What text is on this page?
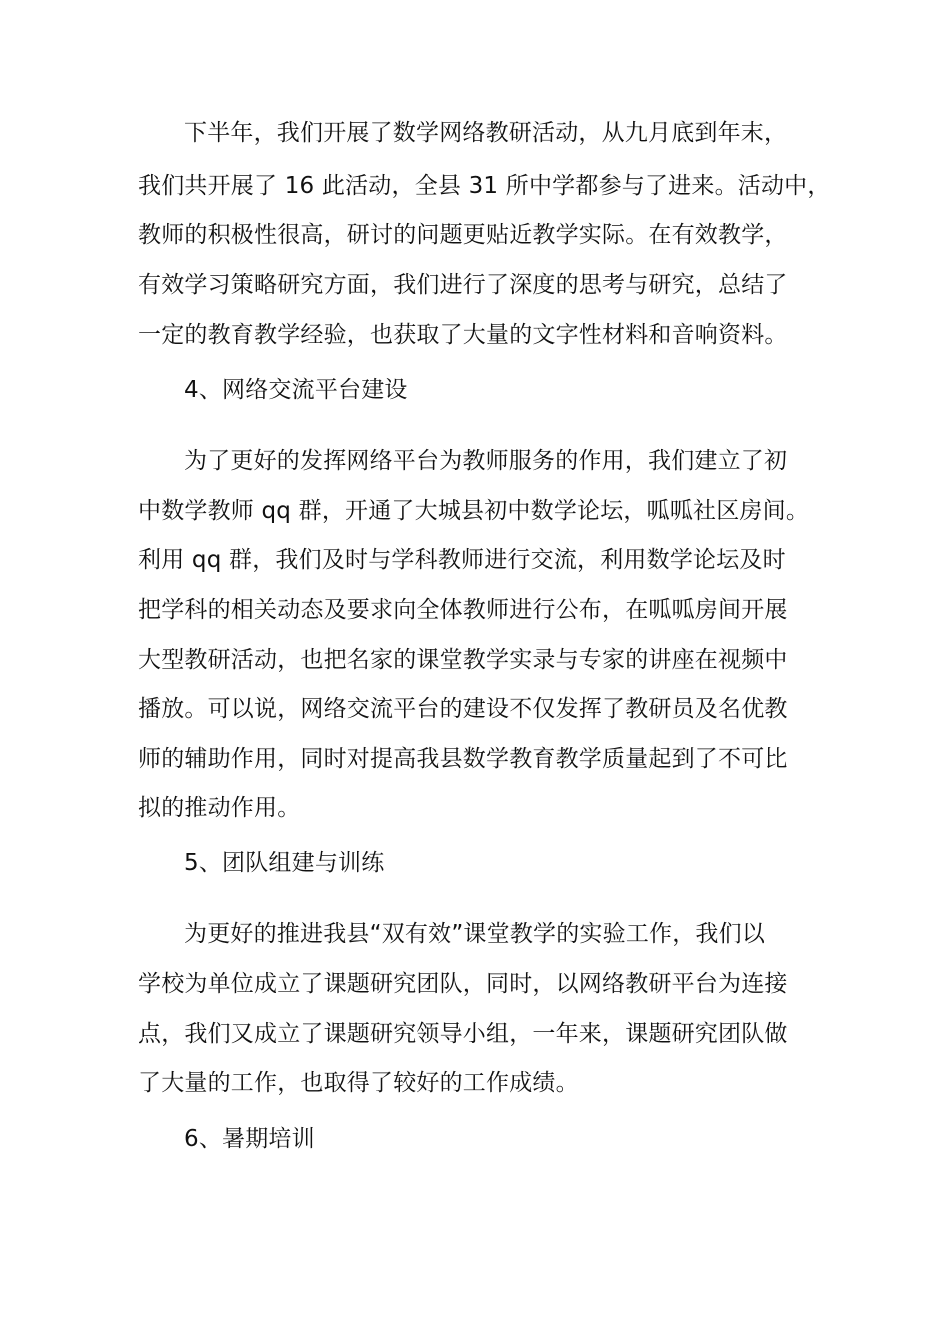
下半年，我们开展了数学网络教研活动，从九月底到年末，
我们共开展了 16 此活动，全县 31 所中学都参与了进来。活动中，
教师的积极性很高，研讨的问题更贴近教学实际。在有效教学，
有效学习策略研究方面，我们进行了深度的思考与研究，总结了
一定的教育教学经验，也获取了大量的文字性材料和音响资料。
4、网络交流平台建设
为了更好的发挥网络平台为教师服务的作用，我们建立了初
中数学教师 qq 群，开通了大城县初中数学论坛，呱呱社区房间。
利用 qq 群，我们及时与学科教师进行交流，利用数学论坛及时
把学科的相关动态及要求向全体教师进行公布，在呱呱房间开展
大型教研活动，也把名家的课堂教学实录与专家的讲座在视频中
播放。可以说，网络交流平台的建设不仅发挥了教研员及名优教
师的辅助作用，同时对提高我县数学教育教学质量起到了不可比
拟的推动作用。
5、团队组建与训练
为更好的推进我县“双有效”课堂教学的实验工作，我们以
学校为单位成立了课题研究团队，同时，以网络教研平台为连接
点，我们又成立了课题研究领导小组，一年来，课题研究团队做
了大量的工作，也取得了较好的工作成绩。
6、暑期培训
